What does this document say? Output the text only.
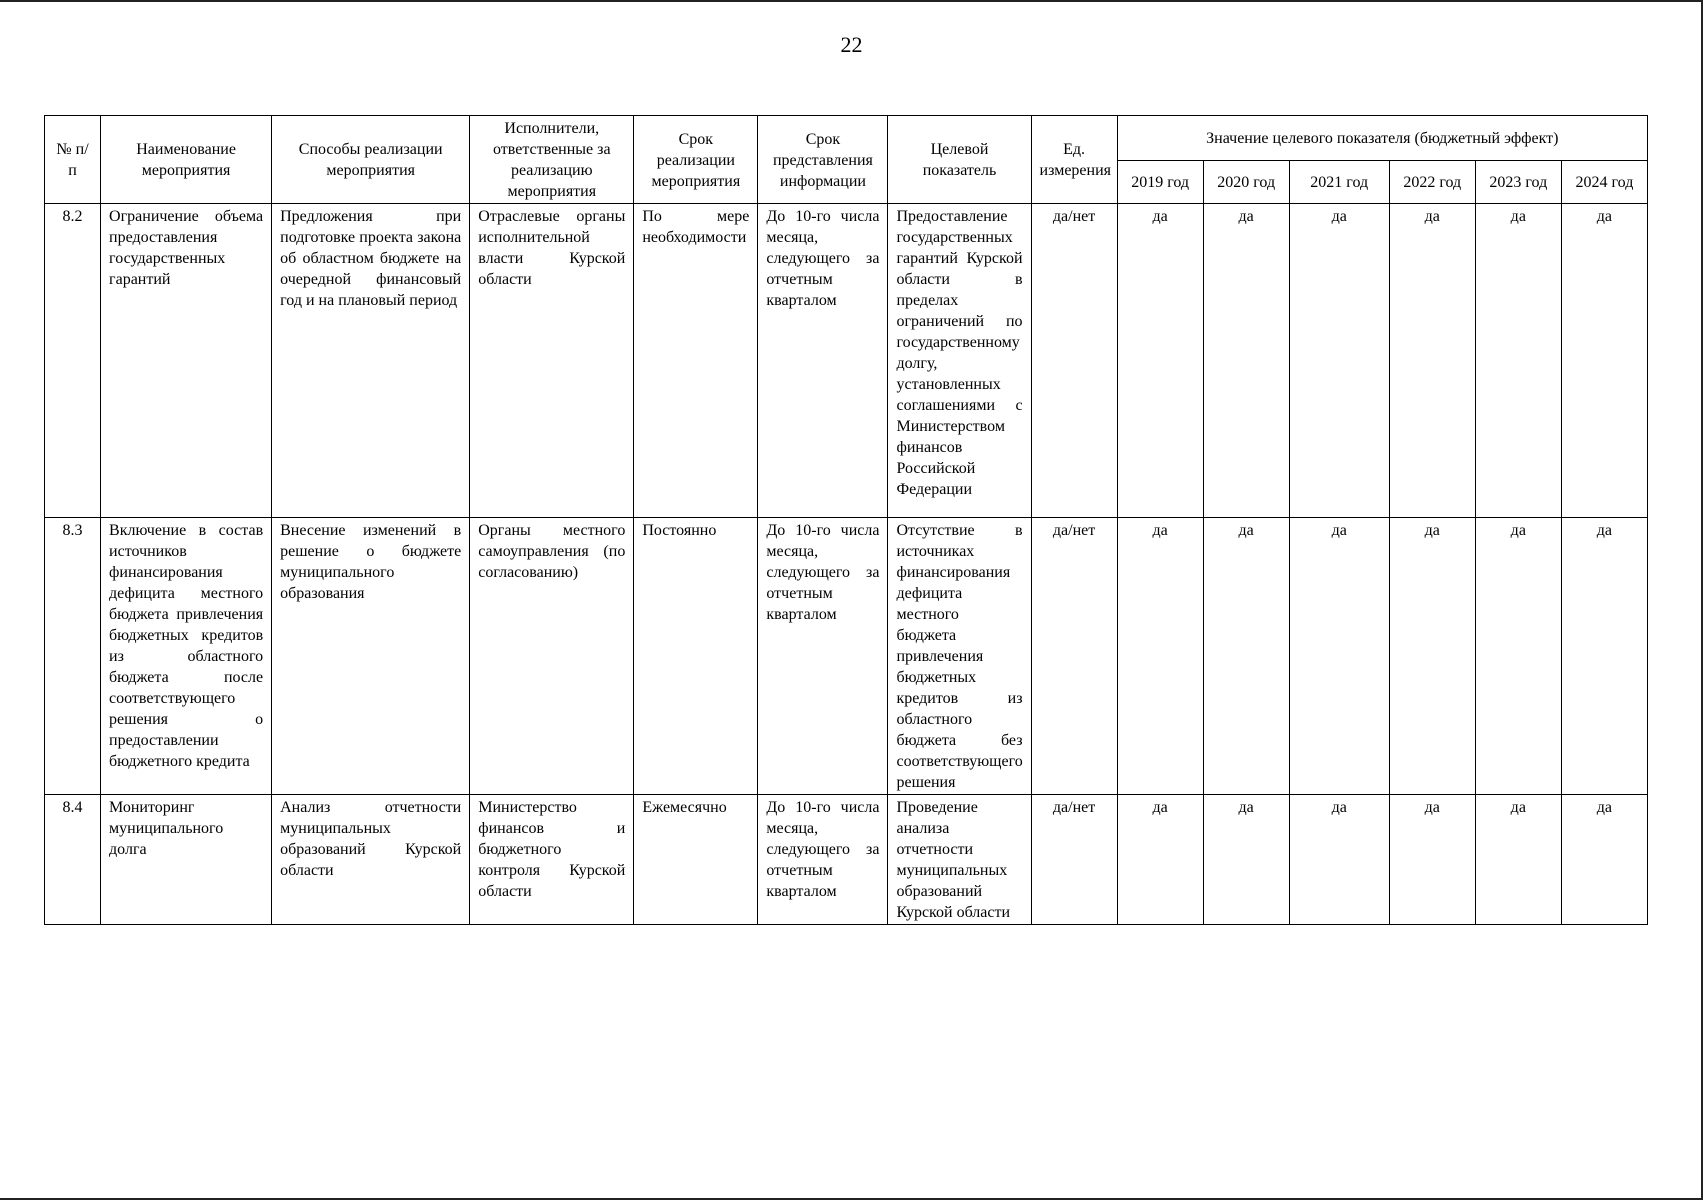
22
№ п/п	Наименование мероприятия	Способы реализации мероприятия	Исполнители, ответственные за реализацию мероприятия	Срок реализации мероприятия	Срок представления информации	Целевой показатель	Ед. измерения	Значение целевого показателя (бюджетный эффект)					
								2019 год	2020 год	2021 год	2022 год	2023 год	2024 год
8.2	Ограничение объема предоставления государственных гарантий	Предложения при подготовке проекта закона об областном бюджете на очередной финансовый год и на плановый период	Отраслевые органы исполнительной власти Курской области	По мере необходимости	До 10-го числа месяца, следующего за отчетным кварталом	Предоставление государственных гарантий Курской области в пределах ограничений по государственному долгу, установленных соглашениями с Министерством финансов Российской Федерации	да/нет	да	да	да	да	да	да
8.3	Включение в состав источников финансирования дефицита местного бюджета привлечения бюджетных кредитов из областного бюджета после соответствующего решения о предоставлении бюджетного кредита	Внесение изменений в решение о бюджете муниципального образования	Органы местного самоуправления (по согласованию)	Постоянно	До 10-го числа месяца, следующего за отчетным кварталом	Отсутствие в источниках финансирования дефицита местного бюджета привлечения бюджетных кредитов из областного бюджета без соответствующего решения	да/нет	да	да	да	да	да	да
8.4	Мониторинг муниципального долга	Анализ отчетности муниципальных образований Курской области	Министерство финансов и бюджетного контроля Курской области	Ежемесячно	До 10-го числа месяца, следующего за отчетным кварталом	Проведение анализа отчетности муниципальных образований Курской области	да/нет	да	да	да	да	да	да
